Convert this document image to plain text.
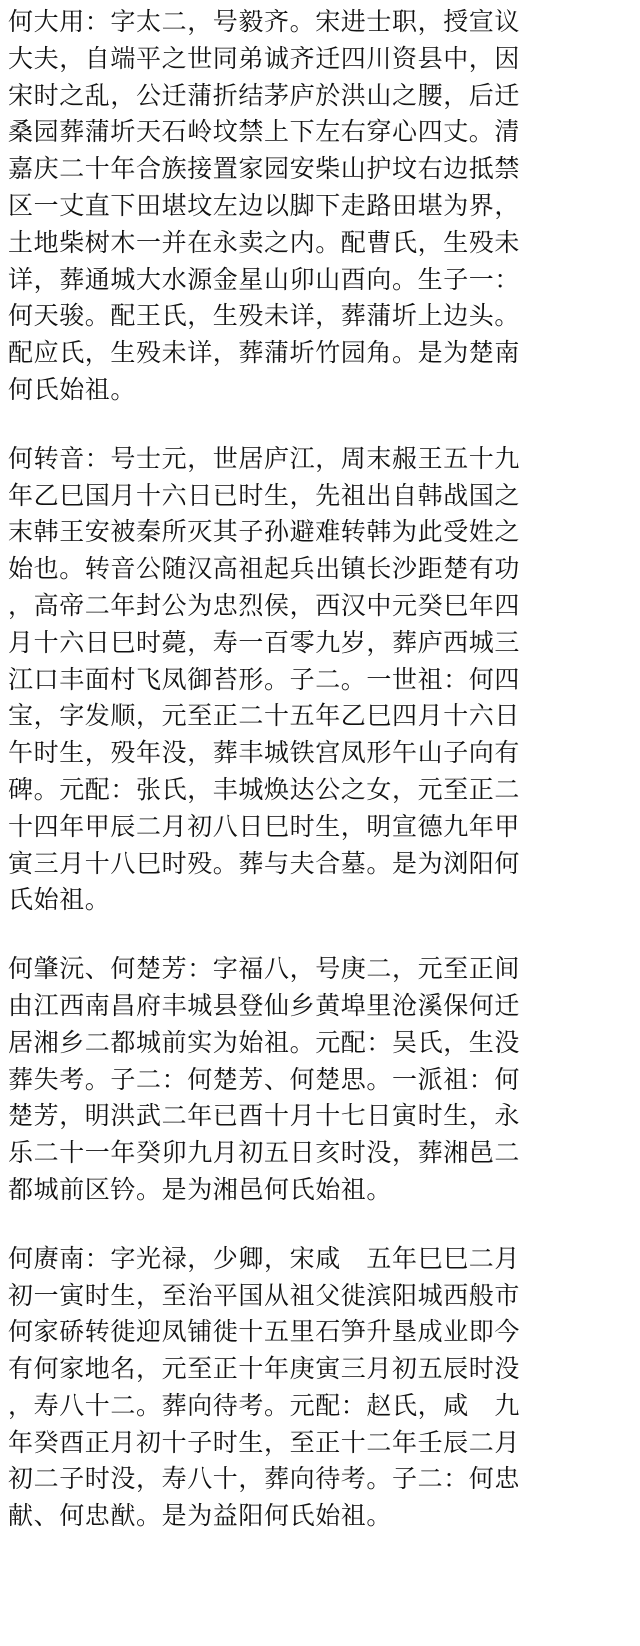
何大用：字太二，号毅齐。宋进士职，授宣议
大夫，自端平之世同弟诚齐迁四川资县中，因
宋时之乱，公迁蒲折结茅庐於洪山之腰，后迁
桑园葬蒲圻天石岭坟禁上下左右穿心四丈。清
嘉庆二十年合族接置家园安柴山护坟右边抵禁
区一丈直下田堪坟左边以脚下走路田堪为界，
土地柴树木一并在永卖之内。配曹氏，生殁未
详，葬通城大水源金星山卯山酉向。生子一：
何天骏。配王氏，生殁未详，葬蒲圻上边头。
配应氏，生殁未详，葬蒲圻竹园角。是为楚南
何氏始祖。
何转音：号士元，世居庐江，周末赧王五十九
年乙巳国月十六日已时生，先祖出自韩战国之
末韩王安被秦所灭其子孙避难转韩为此受姓之
始也。转音公随汉高祖起兵出镇长沙距楚有功
，高帝二年封公为忠烈侯，西汉中元癸巳年四
月十六日巳时薨，寿一百零九岁，葬庐西城三
江口丰面村飞凤御苔形。子二。一世祖：何四
宝，字发顺，元至正二十五年乙巳四月十六日
午时生，殁年没，葬丰城铁宫凤形午山子向有
碑。元配：张氏，丰城焕达公之女，元至正二
十四年甲辰二月初八日巳时生，明宣德九年甲
寅三月十八巳时殁。葬与夫合墓。是为浏阳何
氏始祖。
何肇沅、何楚芳：字福八，号庚二，元至正间
由江西南昌府丰城县登仙乡黄埠里沧溪保何迁
居湘乡二都城前实为始祖。元配：吴氏，生没
葬失考。子二：何楚芳、何楚思。一派祖：何
楚芳，明洪武二年已酉十月十七日寅时生，永
乐二十一年癸卯九月初五日亥时没，葬湘邑二
都城前区钤。是为湘邑何氏始祖。
何赓南：字光禄，少卿，宋咸　五年巳巳二月
初一寅时生，至治平国从祖父徙滨阳城西般市
何家硚转徙迎凤铺徙十五里石笋升垦成业即今
有何家地名，元至正十年庚寅三月初五辰时没
，寿八十二。葬向待考。元配：赵氏，咸　九
年癸酉正月初十子时生，至正十二年壬辰二月
初二子时没，寿八十，葬向待考。子二：何忠
献、何忠猷。是为益阳何氏始祖。
